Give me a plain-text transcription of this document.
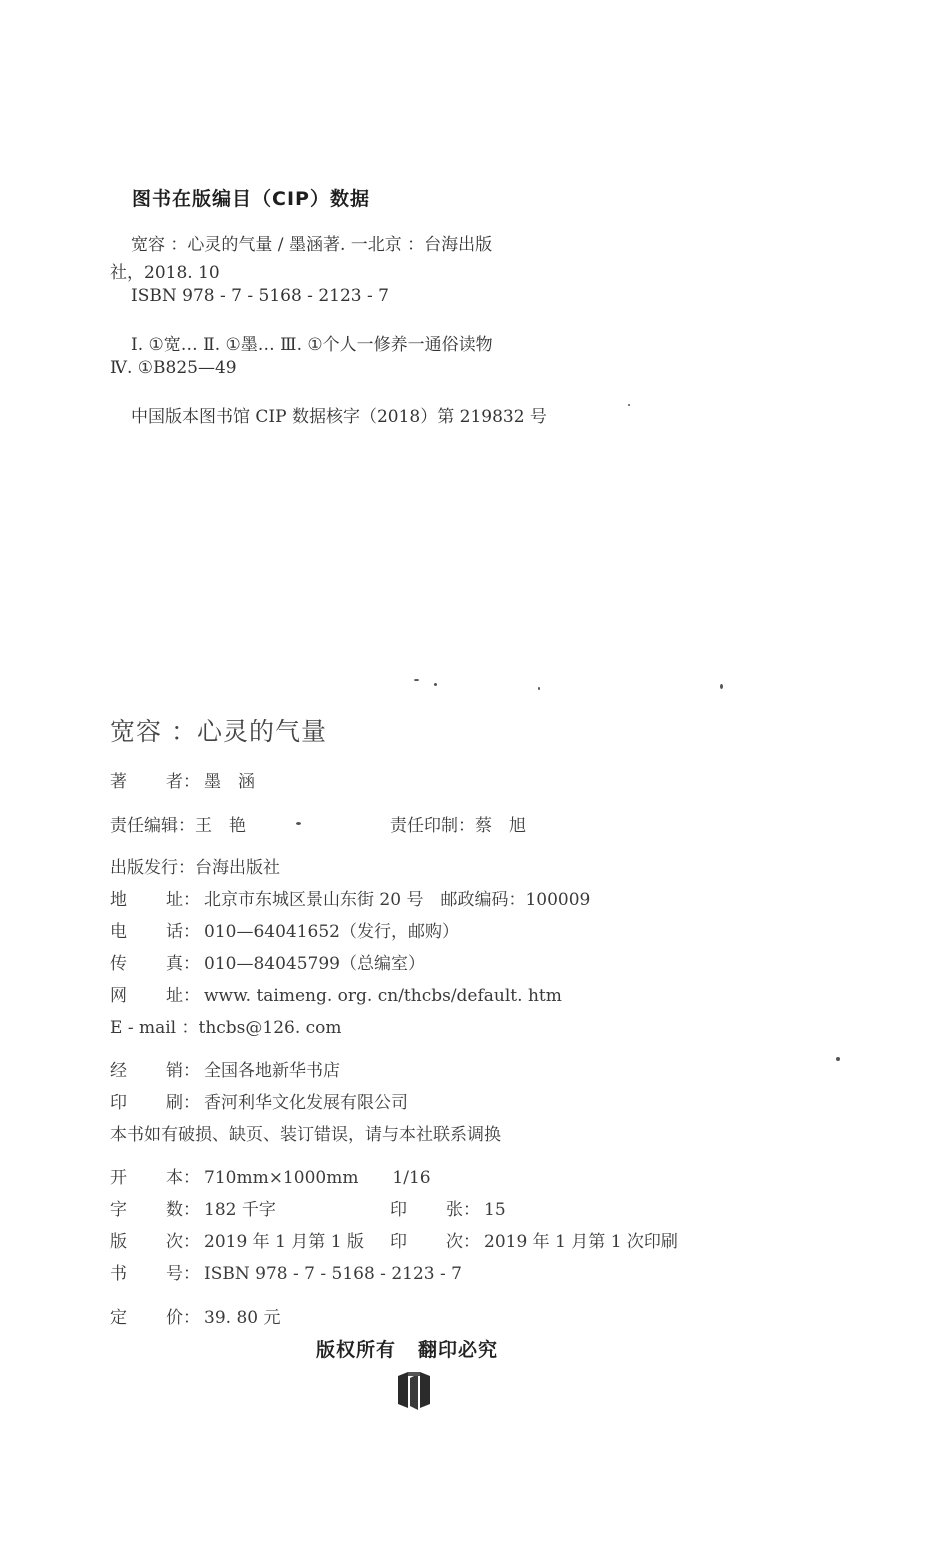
图书在版编目（CIP）数据
宽容 ：心灵的气量 / 墨涵著. 一北京 ：台海出版
社，2018. 10
ISBN 978 - 7 - 5168 - 2123 - 7
Ⅰ. ①宽… Ⅱ. ①墨… Ⅲ. ①个人一修养一通俗读物
Ⅳ. ①B825—49
中国版本图书馆 CIP 数据核字（2018）第 219832 号
宽容 ：心灵的气量
著 者： 墨　涵
责任编辑：王　艳	责任印制：蔡　旭
出版发行：台海出版社
地 址： 北京市东城区景山东街 20 号　邮政编码：100009
电 话： 010—64041652（发行，邮购）
传 真： 010—84045799（总编室）
网 址： www. taimeng. org. cn/thcbs/default. htm
E - mail ：thcbs@126. com
经 销： 全国各地新华书店
印 刷： 香河利华文化发展有限公司
本书如有破损、缺页、装订错误，请与本社联系调换
开 本： 710mm×1000mm　　1/16
字 数： 182 千字	印 张： 15
版 次： 2019 年 1 月第 1 版 印 次： 2019 年 1 月第 1 次印刷
书 号： ISBN 978 - 7 - 5168 - 2123 - 7
定 价： 39. 80 元
版权所有 翻印必究
